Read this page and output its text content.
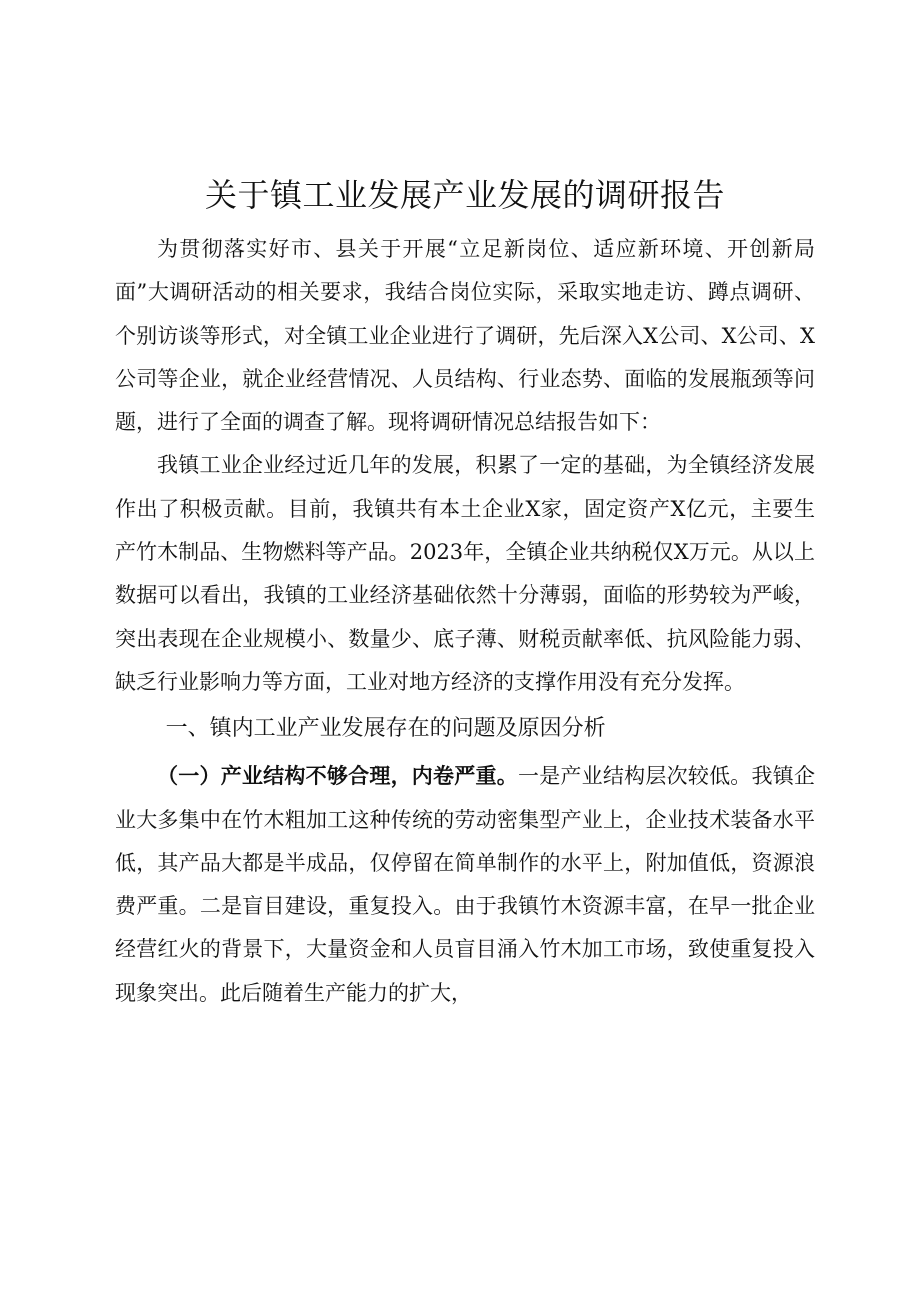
关于镇工业发展产业发展的调研报告

为贯彻落实好市、县关于开展“立足新岗位、适应新环境、开创新局面”大调研活动的相关要求，我结合岗位实际，采取实地走访、蹲点调研、个别访谈等形式，对全镇工业企业进行了调研，先后深入X公司、X公司、X公司等企业，就企业经营情况、人员结构、行业态势、面临的发展瓶颈等问题，进行了全面的调查了解。现将调研情况总结报告如下：

我镇工业企业经过近几年的发展，积累了一定的基础，为全镇经济发展作出了积极贡献。目前，我镇共有本土企业X家，固定资产X亿元，主要生产竹木制品、生物燃料等产品。2023年，全镇企业共纳税仅X万元。从以上数据可以看出，我镇的工业经济基础依然十分薄弱，面临的形势较为严峻，突出表现在企业规模小、数量少、底子薄、财税贡献率低、抗风险能力弱、缺乏行业影响力等方面，工业对地方经济的支撑作用没有充分发挥。

一、镇内工业产业发展存在的问题及原因分析

（一）产业结构不够合理，内卷严重。一是产业结构层次较低。我镇企业大多集中在竹木粗加工这种传统的劳动密集型产业上，企业技术装备水平低，其产品大都是半成品，仅停留在简单制作的水平上，附加值低，资源浪费严重。二是盲目建设，重复投入。由于我镇竹木资源丰富，在早一批企业经营红火的背景下，大量资金和人员盲目涌入竹木加工市场，致使重复投入现象突出。此后随着生产能力的扩大，
